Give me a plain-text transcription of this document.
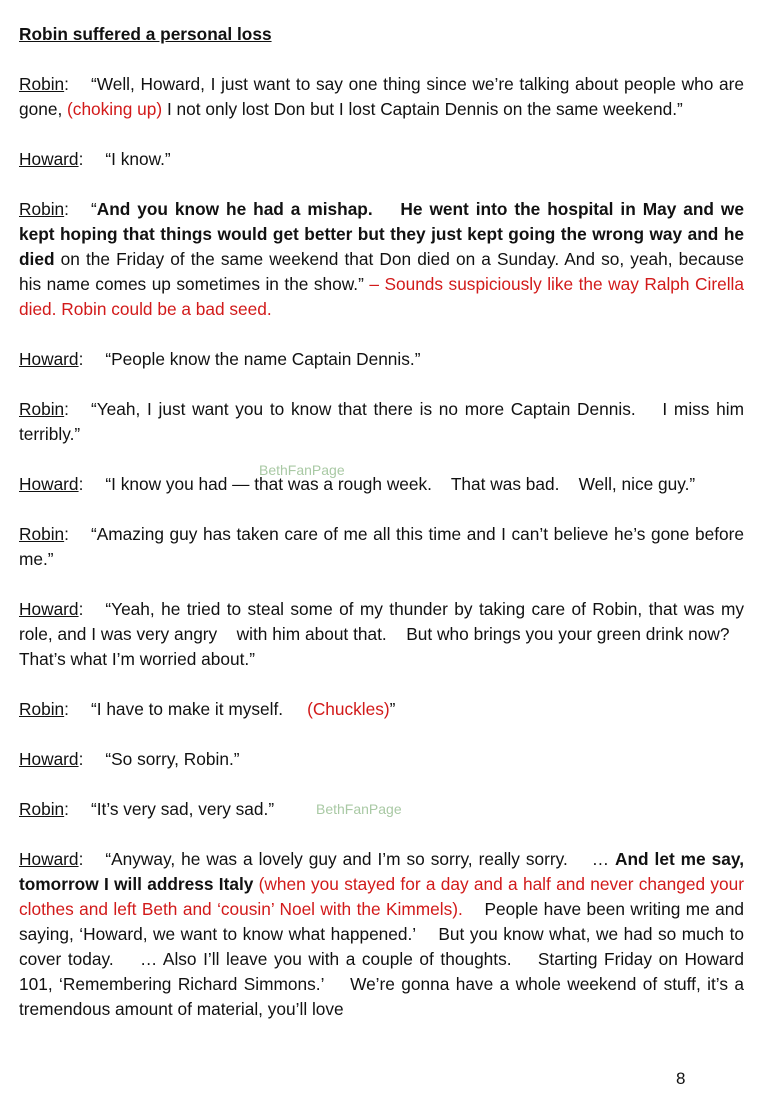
Robin suffered a personal loss
Robin: “Well, Howard, I just want to say one thing since we’re talking about people who are gone, (choking up) I not only lost Don but I lost Captain Dennis on the same weekend.”
Howard: “I know.”
Robin: “And you know he had a mishap.    He went into the hospital in May and we kept hoping that things would get better but they just kept going the wrong way and he died on the Friday of the same weekend that Don died on a Sunday. And so, yeah, because his name comes up sometimes in the show.” – Sounds suspiciously like the way Ralph Cirella died. Robin could be a bad seed.
Howard: “People know the name Captain Dennis.”
Robin: “Yeah, I just want you to know that there is no more Captain Dennis.    I miss him terribly.”
Howard: “I know you had — that was a rough week.    That was bad.    Well, nice guy.”
Robin: “Amazing guy has taken care of me all this time and I can’t believe he’s gone before me.”
Howard: “Yeah, he tried to steal some of my thunder by taking care of Robin, that was my role, and I was very angry    with him about that.    But who brings you your green drink now?    That’s what I’m worried about.”
Robin: “I have to make it myself.     (Chuckles)”
Howard: “So sorry, Robin.”
Robin: “It’s very sad, very sad.”
Howard: “Anyway, he was a lovely guy and I’m so sorry, really sorry.    … And let me say, tomorrow I will address Italy (when you stayed for a day and a half and never changed your clothes and left Beth and ‘cousin’ Noel with the Kimmels).    People have been writing me and saying, ‘Howard, we want to know what happened.’    But you know what, we had so much to cover today.    … Also I’ll leave you with a couple of thoughts.    Starting Friday on Howard 101, ‘Remembering Richard Simmons.’    We’re gonna have a whole weekend of stuff, it’s a tremendous amount of material, you’ll love
BethFanPage
BethFanPage
8
